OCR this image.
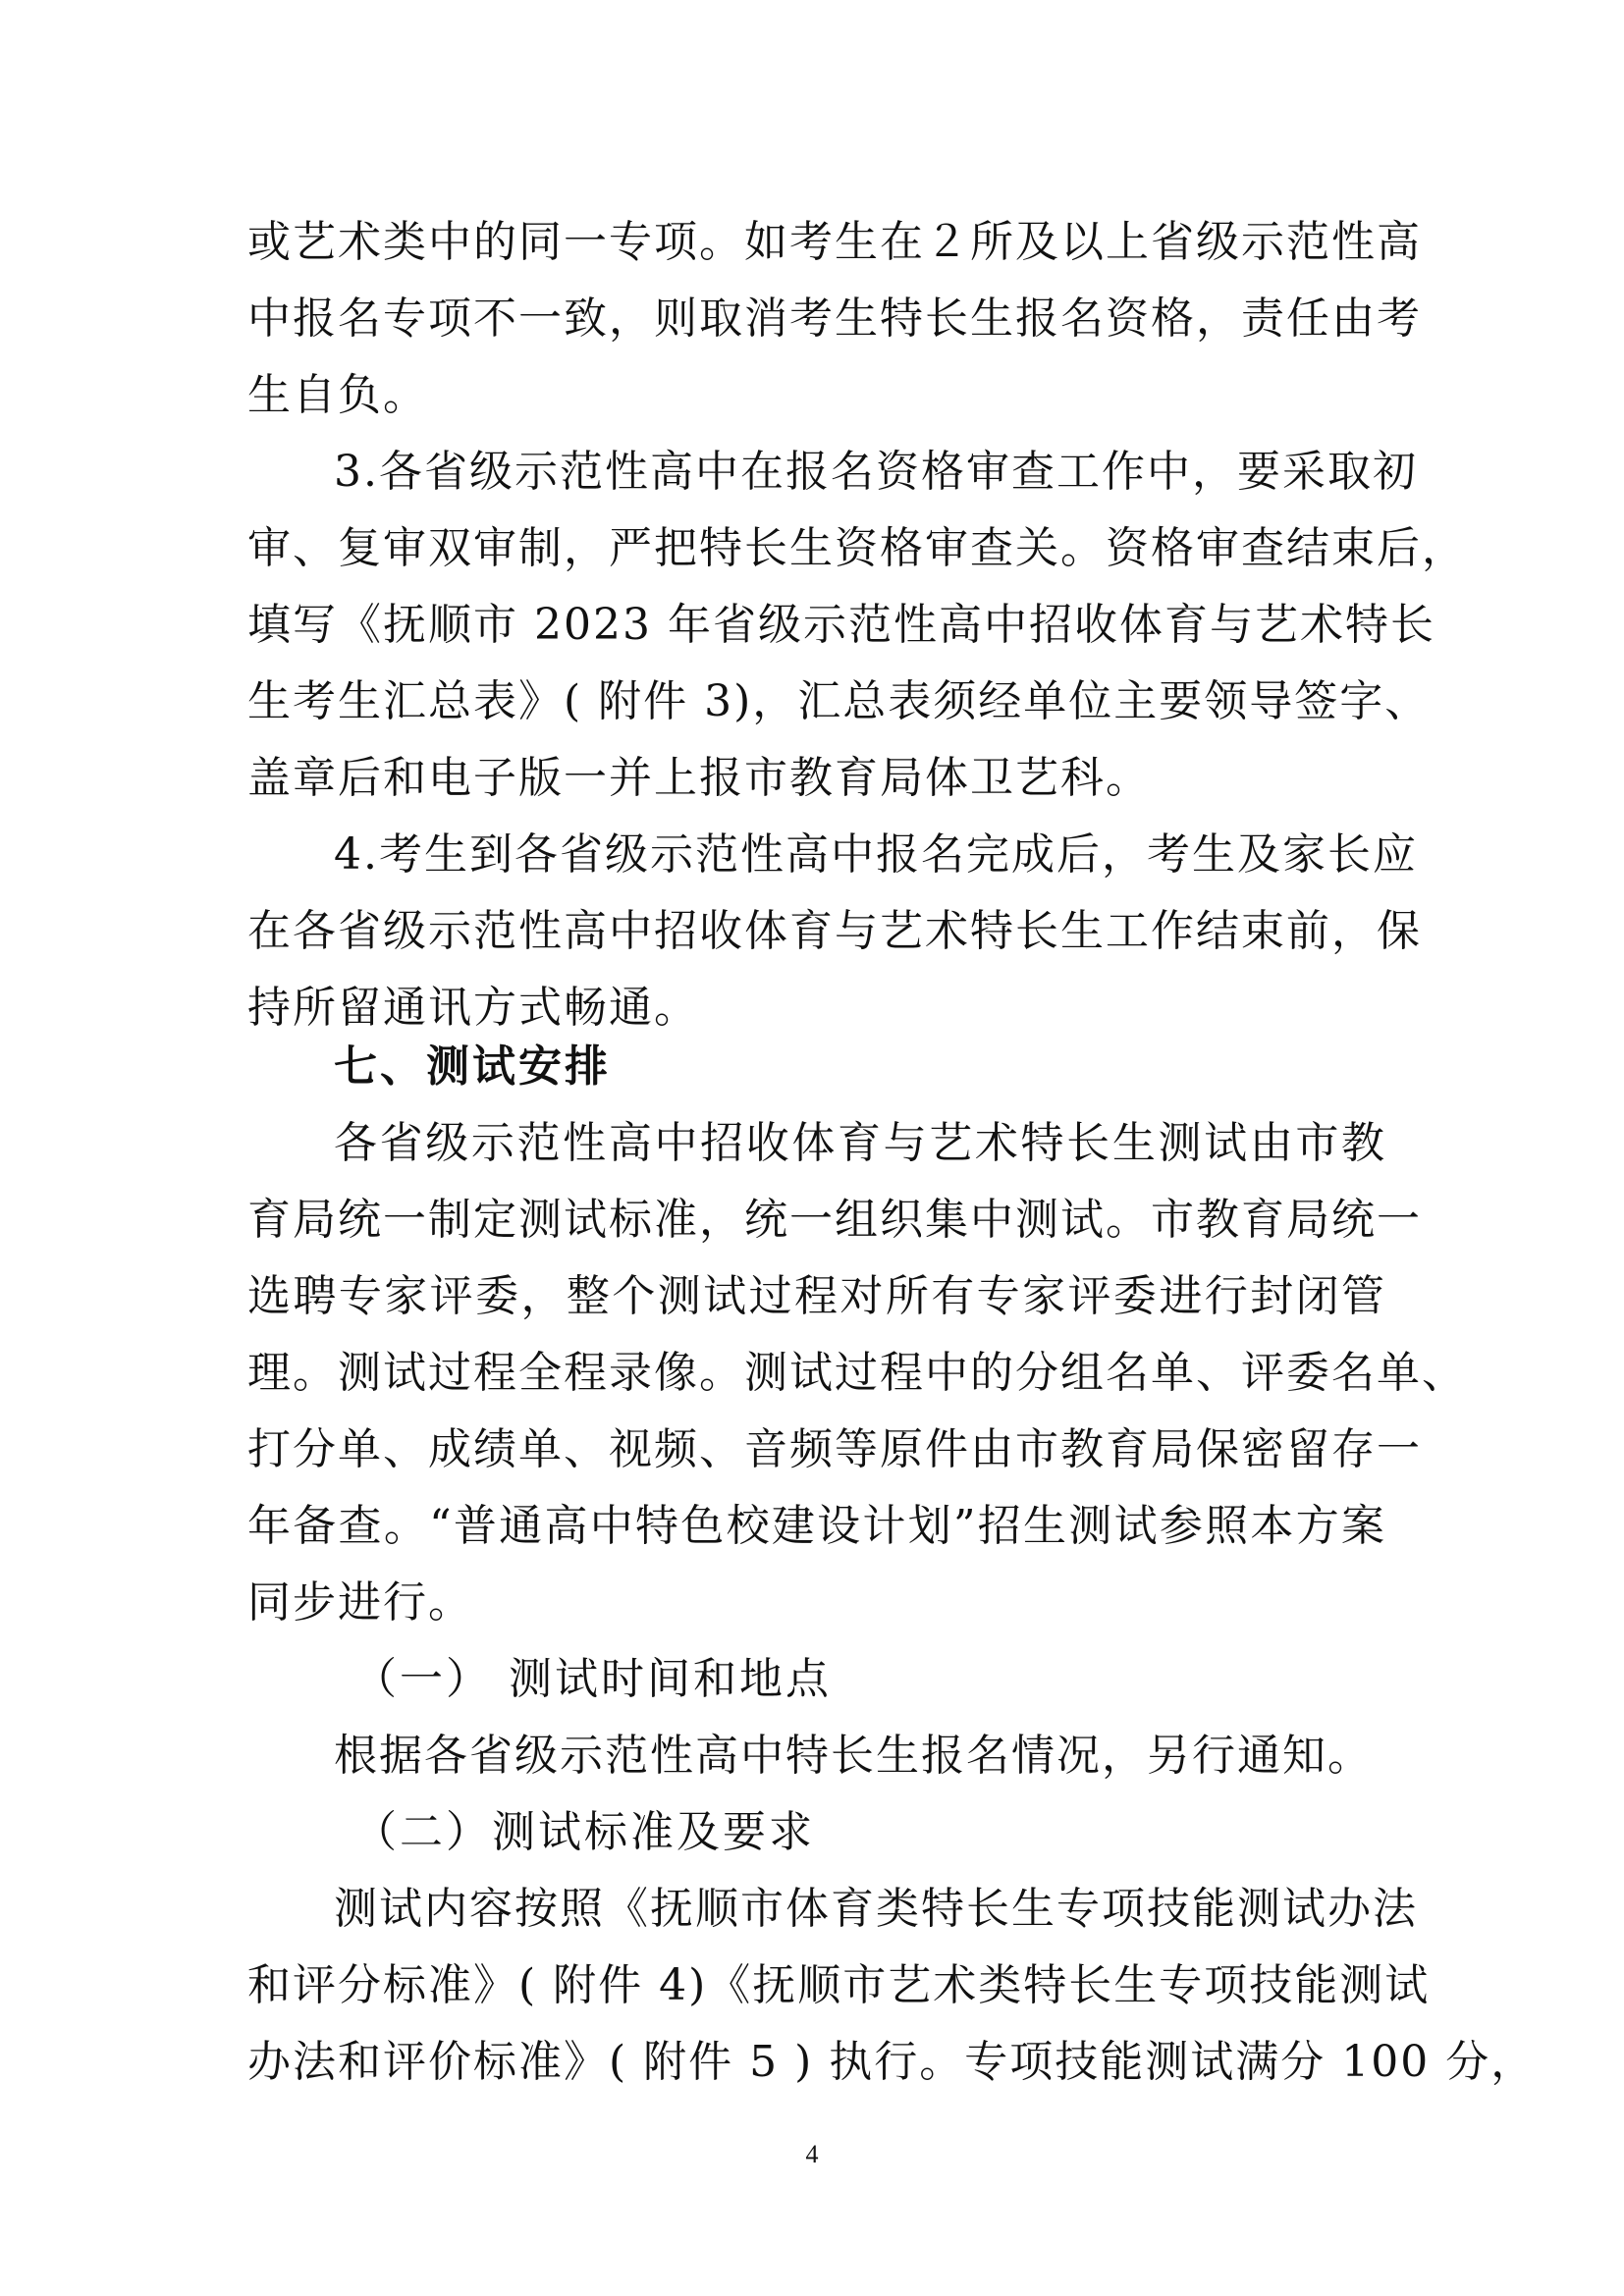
或艺术类中的同一专项。如考生在２所及以上省级示范性高
中报名专项不一致，则取消考生特长生报名资格，责任由考
生自负。
3.各省级示范性高中在报名资格审查工作中，要采取初
审、复审双审制，严把特长生资格审查关。资格审查结束后，
填写《抚顺市 2023 年省级示范性高中招收体育与艺术特长
生考生汇总表》( 附件 3)，汇总表须经单位主要领导签字、
盖章后和电子版一并上报市教育局体卫艺科。
4.考生到各省级示范性高中报名完成后，考生及家长应
在各省级示范性高中招收体育与艺术特长生工作结束前，保
持所留通讯方式畅通。
七、测试安排
各省级示范性高中招收体育与艺术特长生测试由市教
育局统一制定测试标准，统一组织集中测试。市教育局统一
选聘专家评委，整个测试过程对所有专家评委进行封闭管
理。测试过程全程录像。测试过程中的分组名单、评委名单、
打分单、成绩单、视频、音频等原件由市教育局保密留存一
年备查。“普通高中特色校建设计划”招生测试参照本方案
同步进行。
（一） 测试时间和地点
根据各省级示范性高中特长生报名情况，另行通知。
（二）测试标准及要求
测试内容按照《抚顺市体育类特长生专项技能测试办法
和评分标准》( 附件 4)《抚顺市艺术类特长生专项技能测试
办法和评价标准》( 附件 5 ) 执行。专项技能测试满分 100 分，
4
